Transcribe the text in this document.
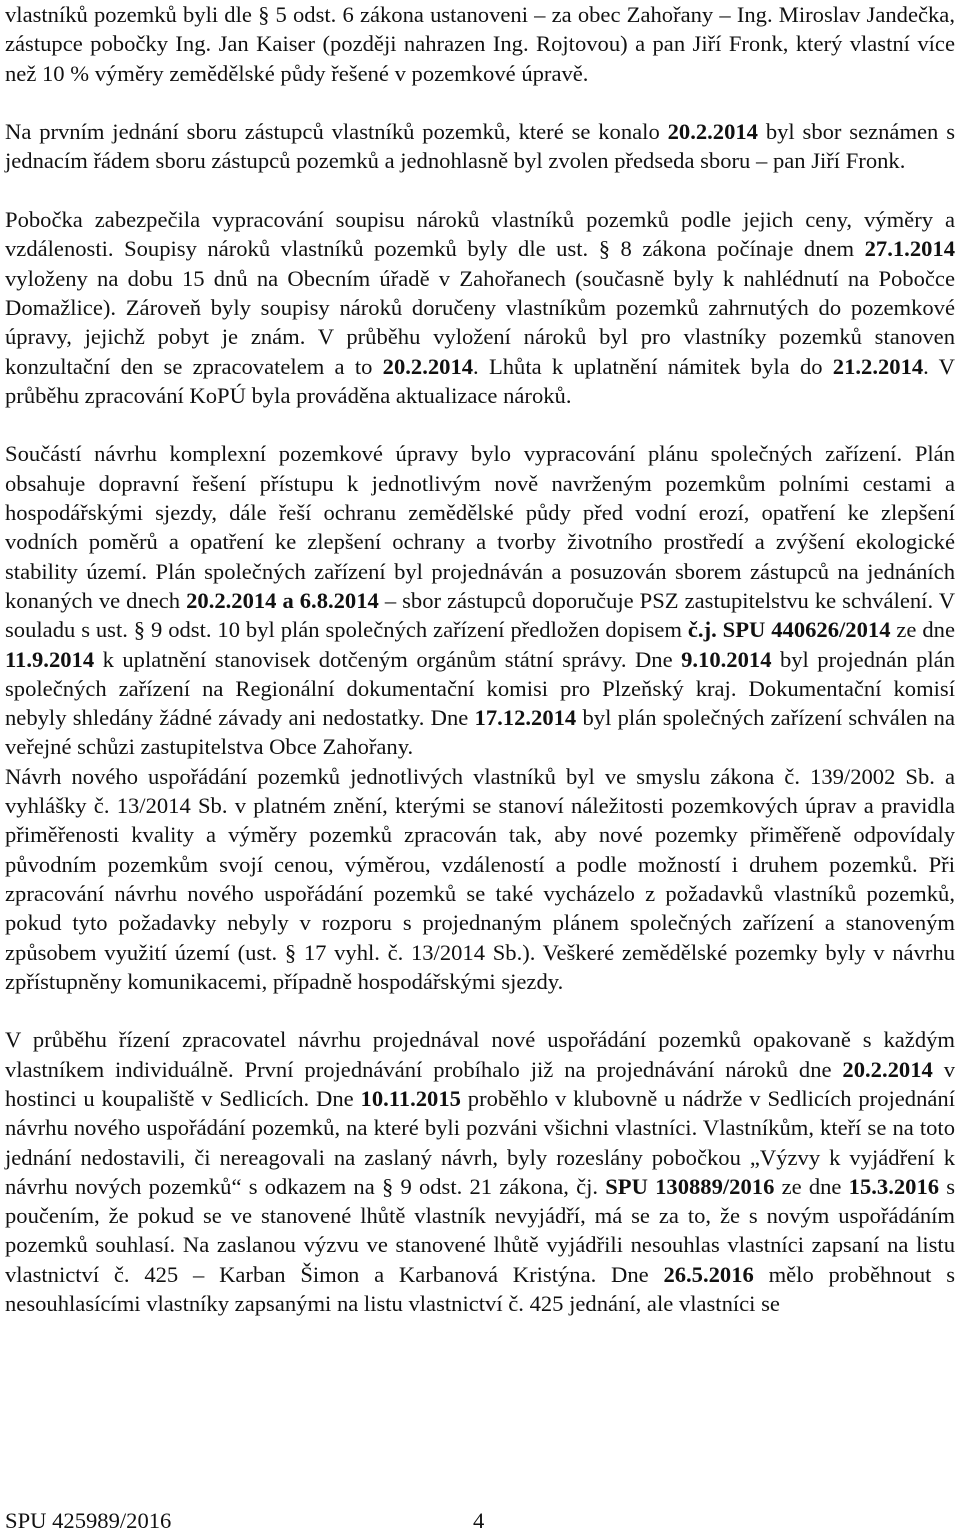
vlastníků pozemků byli dle § 5 odst. 6 zákona ustanoveni – za obec Zahořany – Ing. Miroslav Jandečka, zástupce pobočky Ing. Jan Kaiser (později nahrazen Ing. Rojtovou) a pan Jiří Fronk, který vlastní více než 10 % výměry zemědělské půdy řešené v pozemkové úpravě.

Na prvním jednání sboru zástupců vlastníků pozemků, které se konalo 20.2.2014 byl sbor seznámen s jednacím řádem sboru zástupců pozemků a jednohlasně byl zvolen předseda sboru – pan Jiří Fronk.

Pobočka zabezpečila vypracování soupisu nároků vlastníků pozemků podle jejich ceny, výměry a vzdálenosti. Soupisy nároků vlastníků pozemků byly dle ust. § 8 zákona počínaje dnem 27.1.2014 vyloženy na dobu 15 dnů na Obecním úřadě v Zahořanech (současně byly k nahlédnutí na Pobočce Domažlice). Zároveň byly soupisy nároků doručeny vlastníkům pozemků zahrnutých do pozemkové úpravy, jejichž pobyt je znám. V průběhu vyložení nároků byl pro vlastníky pozemků stanoven konzultační den se zpracovatelem a to 20.2.2014. Lhůta k uplatnění námitek byla do 21.2.2014. V průběhu zpracování KoPÚ byla prováděna aktualizace nároků.

Součástí návrhu komplexní pozemkové úpravy bylo vypracování plánu společných zařízení. Plán obsahuje dopravní řešení přístupu k jednotlivým nově navrženým pozemkům polními cestami a hospodářskými sjezdy, dále řeší ochranu zemědělské půdy před vodní erozí, opatření ke zlepšení vodních poměrů a opatření ke zlepšení ochrany a tvorby životního prostředí a zvýšení ekologické stability území. Plán společných zařízení byl projednáván a posuzován sborem zástupců na jednáních konaných ve dnech 20.2.2014 a 6.8.2014 – sbor zástupců doporučuje PSZ zastupitelstvu ke schválení. V souladu s ust. § 9 odst. 10 byl plán společných zařízení předložen dopisem č.j. SPU 440626/2014 ze dne 11.9.2014 k uplatnění stanovisek dotčeným orgánům státní správy. Dne 9.10.2014 byl projednán plán společných zařízení na Regionální dokumentační komisi pro Plzeňský kraj. Dokumentační komisí nebyly shledány žádné závady ani nedostatky. Dne 17.12.2014 byl plán společných zařízení schválen na veřejné schůzi zastupitelstva Obce Zahořany.
Návrh nového uspořádání pozemků jednotlivých vlastníků byl ve smyslu zákona č. 139/2002 Sb. a vyhlášky č. 13/2014 Sb. v platném znění, kterými se stanoví náležitosti pozemkových úprav a pravidla přiměřenosti kvality a výměry pozemků zpracován tak, aby nové pozemky přiměřeně odpovídaly původním pozemkům svojí cenou, výměrou, vzdáleností a podle možností i druhem pozemků. Při zpracování návrhu nového uspořádání pozemků se také vycházelo z požadavků vlastníků pozemků, pokud tyto požadavky nebyly v rozporu s projednaným plánem společných zařízení a stanoveným způsobem využití území (ust. § 17 vyhl. č. 13/2014 Sb.). Veškeré zemědělské pozemky byly v návrhu zpřístupněny komunikacemi, případně hospodářskými sjezdy.

V průběhu řízení zpracovatel návrhu projednával nové uspořádání pozemků opakovaně s každým vlastníkem individuálně. První projednávání probíhalo již na projednávání nároků dne 20.2.2014 v hostinci u koupaliště v Sedlicích. Dne 10.11.2015 proběhlo v klubovně u nádrže v Sedlicích projednání návrhu nového uspořádání pozemků, na které byli pozváni všichni vlastníci. Vlastníkům, kteří se na toto jednání nedostavili, či nereagovali na zaslaný návrh, byly rozeslány pobočkou „Výzvy k vyjádření k návrhu nových pozemků“ s odkazem na § 9 odst. 21 zákona, čj. SPU 130889/2016 ze dne 15.3.2016 s poučením, že pokud se ve stanovené lhůtě vlastník nevyjádří, má se za to, že s novým uspořádáním pozemků souhlasí. Na zaslanou výzvu ve stanovené lhůtě vyjádřili nesouhlas vlastníci zapsaní na listu vlastnictví č. 425 – Karban Šimon a Karbanová Kristýna. Dne 26.5.2016 mělo proběhnout s nesouhlasícími vlastníky zapsanými na listu vlastnictví č. 425 jednání, ale vlastníci se

SPU 425989/2016	4
